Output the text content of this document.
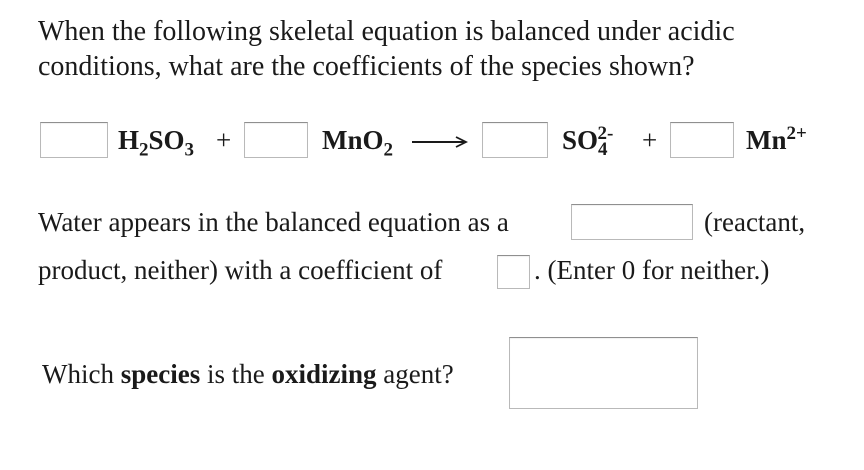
When the following skeletal equation is balanced under acidic
conditions, what are the coefficients of the species shown?
$H_2SO_3$ +	MnO$_2$ →	$SO_4^{2-}$ +	$Mn^{2+}$
Water appears in the balanced equation as a	(reactant,
product, neither) with a coefficient of	. (Enter 0 for neither.)
Which species is the oxidizing agent?
